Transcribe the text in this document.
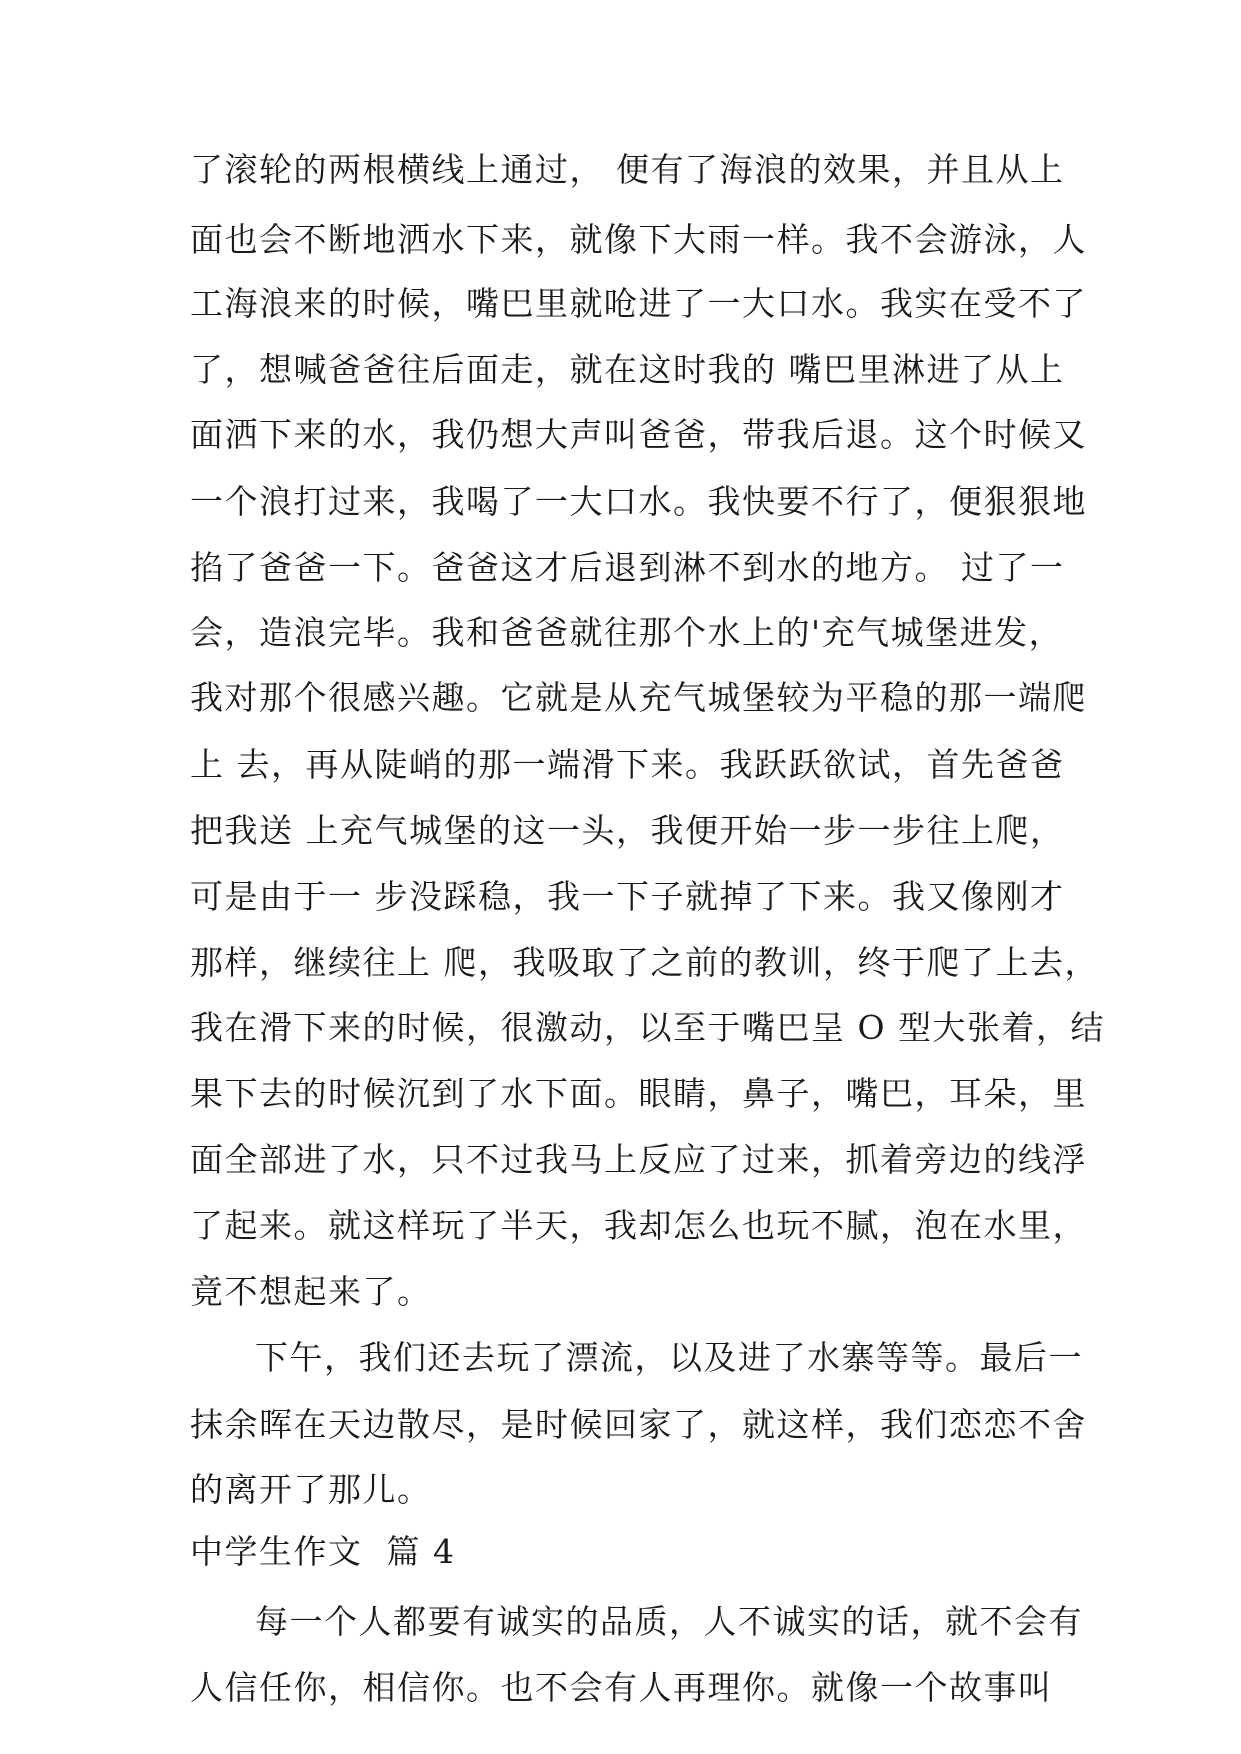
了滚轮的两根横线上通过， 便有了海浪的效果，并且从上
面也会不断地洒水下来，就像下大雨一样。我不会游泳，人
工海浪来的时候，嘴巴里就呛进了一大口水。我实在受不了
了，想喊爸爸往后面走，就在这时我的 嘴巴里淋进了从上
面洒下来的水，我仍想大声叫爸爸，带我后退。这个时候又
一个浪打过来，我喝了一大口水。我快要不行了，便狠狠地
掐了爸爸一下。爸爸这才后退到淋不到水的地方。 过了一
会，造浪完毕。我和爸爸就往那个水上的'充气城堡进发，
我对那个很感兴趣。它就是从充气城堡较为平稳的那一端爬
上 去，再从陡峭的那一端滑下来。我跃跃欲试，首先爸爸
把我送 上充气城堡的这一头，我便开始一步一步往上爬，
可是由于一 步没踩稳，我一下子就掉了下来。我又像刚才
那样，继续往上 爬，我吸取了之前的教训，终于爬了上去，
我在滑下来的时候，很激动，以至于嘴巴呈 O 型大张着，结
果下去的时候沉到了水下面。眼睛，鼻子，嘴巴，耳朵，里
面全部进了水，只不过我马上反应了过来，抓着旁边的线浮
了起来。就这样玩了半天，我却怎么也玩不腻，泡在水里，
竟不想起来了。
下午，我们还去玩了漂流，以及进了水寨等等。最后一
抹余晖在天边散尽，是时候回家了，就这样，我们恋恋不舍
的离开了那儿。
中学生作文  篇 4
每一个人都要有诚实的品质，人不诚实的话，就不会有
人信任你，相信你。也不会有人再理你。就像一个故事叫
